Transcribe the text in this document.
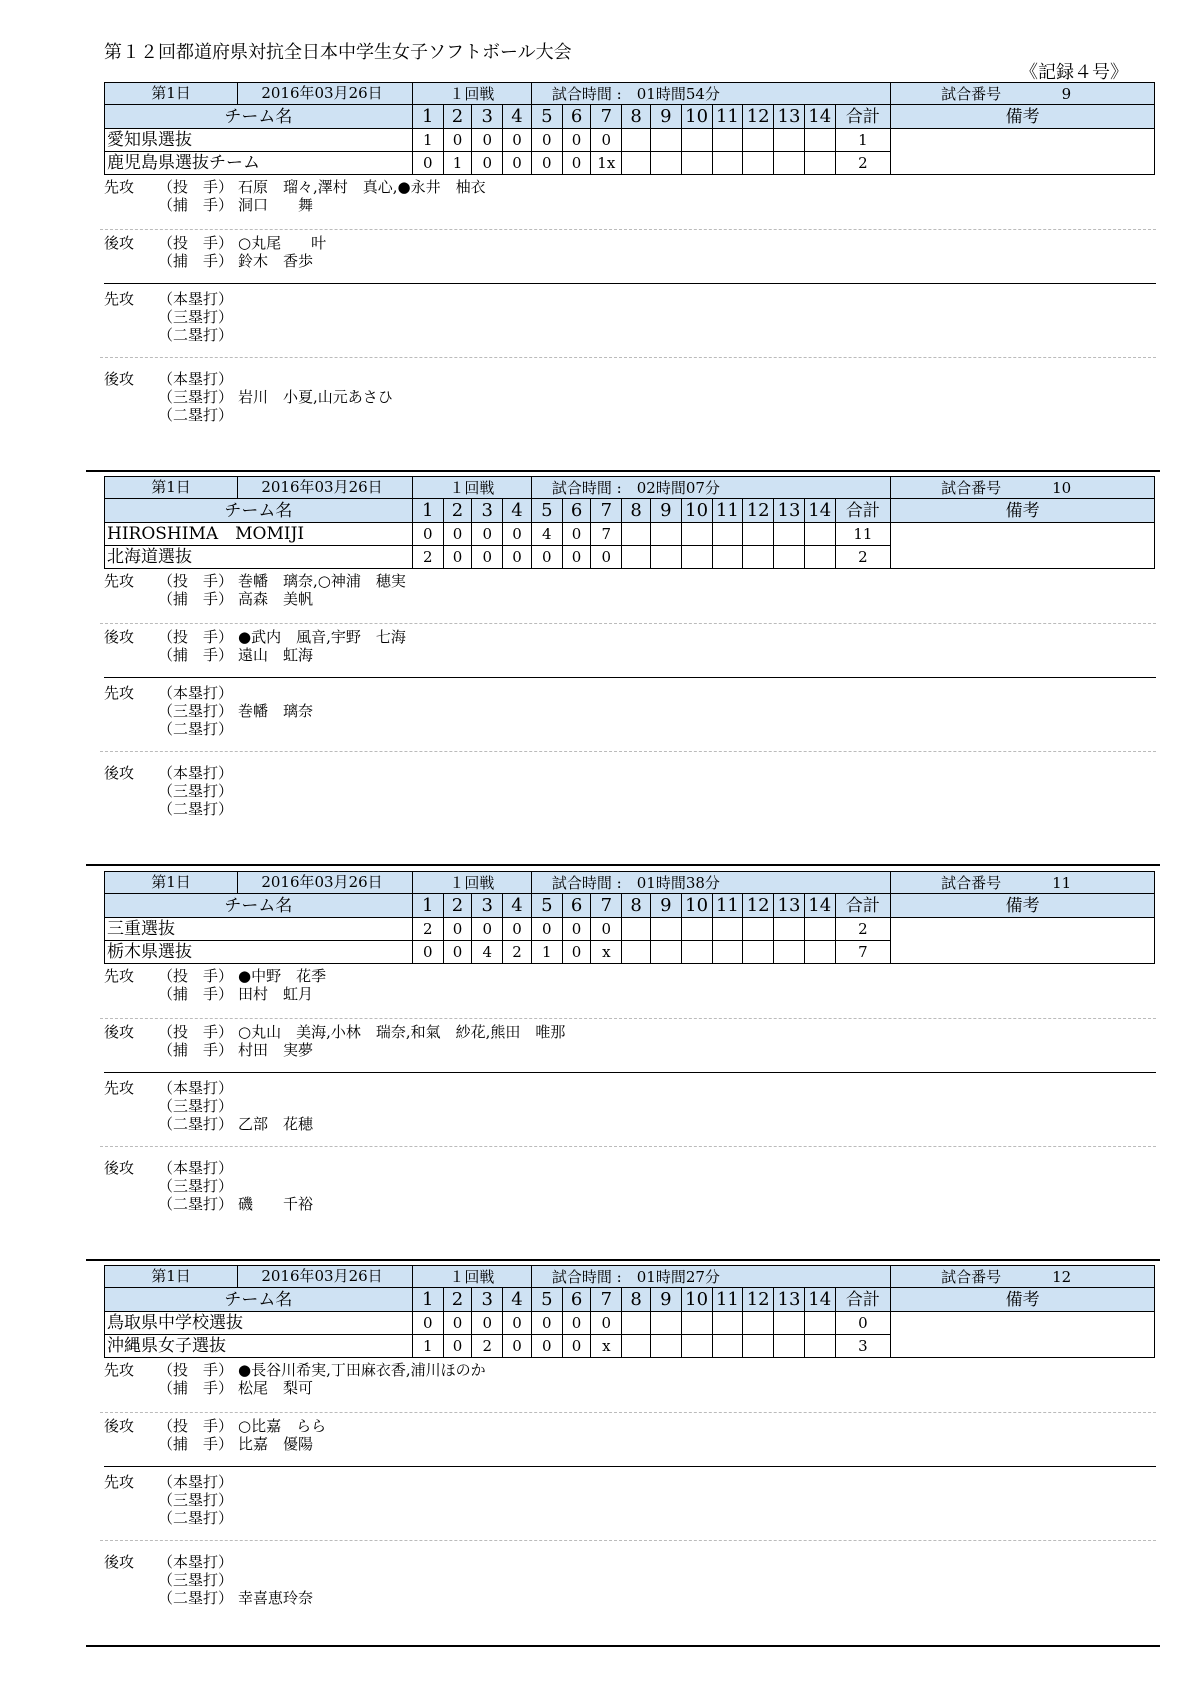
第１２回都道府県対抗全日本中学生女子ソフトボール大会
《記録４号》
第1日 2016年03月26日	１回戦				試合時間 :　 01時間54分											試合番号 9
チーム名	1	2	3	4	5	6	7	8	9	10	11	12	13	14	合計	備考
愛知県選抜	1	0	0	0	0	0	0								1	
鹿児島県選抜チーム	0	1	0	0	0	0	1x								2	
先攻	（投　手） 石原　瑠々,澤村　真心,●永井　柚衣
（捕　手） 洞口　　舞
後攻	（投　手） ○丸尾　　叶
（捕　手） 鈴木　香歩
先攻	（本塁打）
（三塁打）
（二塁打）
後攻	（本塁打）
（三塁打） 岩川　小夏,山元あさひ
（二塁打）
第1日 2016年03月26日	１回戦				試合時間 :　 02時間07分											試合番号 10
チーム名	1	2	3	4	5	6	7	8	9	10	11	12	13	14	合計	備考
HIROSHIMA　MOMIJI	0	0	0	0	4	0	7								11	
北海道選抜	2	0	0	0	0	0	0								2	
先攻	（投　手） 巻幡　璃奈,○神浦　穂実
（捕　手） 高森　美帆
後攻	（投　手） ●武内　風音,宇野　七海
（捕　手） 遠山　虹海
先攻	（本塁打）
（三塁打） 巻幡　璃奈
（二塁打）
後攻	（本塁打）
（三塁打）
（二塁打）
第1日 2016年03月26日	１回戦				試合時間 :　 01時間38分											試合番号 11
チーム名	1	2	3	4	5	6	7	8	9	10	11	12	13	14	合計	備考
三重選抜	2	0	0	0	0	0	0								2	
栃木県選抜	0	0	4	2	1	0	x								7	
先攻	（投　手） ●中野　花季
（捕　手） 田村　虹月
後攻	（投　手） ○丸山　美海,小林　瑞奈,和氣　紗花,熊田　唯那
（捕　手） 村田　実夢
先攻	（本塁打）
（三塁打）
（二塁打） 乙部　花穂
後攻	（本塁打）
（三塁打）
（二塁打） 磯　　千裕
第1日 2016年03月26日	１回戦				試合時間 :　 01時間27分											試合番号 12
チーム名	1	2	3	4	5	6	7	8	9	10	11	12	13	14	合計	備考
鳥取県中学校選抜	0	0	0	0	0	0	0								0	
沖縄県女子選抜	1	0	2	0	0	0	x								3	
先攻	（投　手） ●長谷川希実,丁田麻衣香,浦川ほのか
（捕　手） 松尾　梨可
後攻	（投　手） ○比嘉　らら
（捕　手） 比嘉　優陽
先攻	（本塁打）
（三塁打）
（二塁打）
後攻	（本塁打）
（三塁打）
（二塁打） 幸喜恵玲奈
